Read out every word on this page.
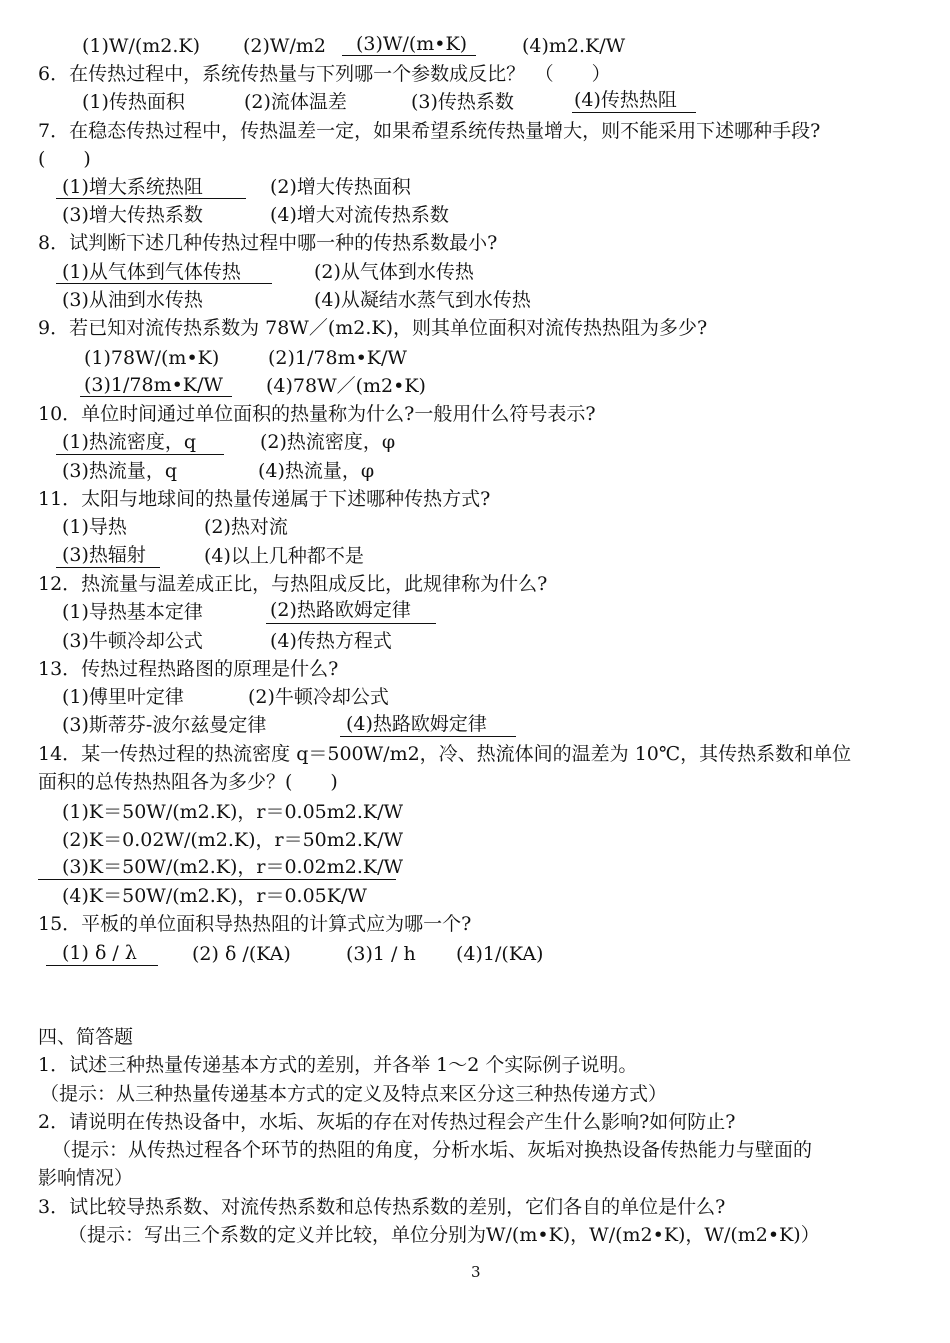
(1)W/(m2.K) (2)W/m2 (3)W/(m•K)	(4)m2.K/W
6．在传热过程中，系统传热量与下列哪一个参数成反比？　（　　）
(1)传热面积	(2)流体温差	(3)传热系数	(4)传热热阻
7．在稳态传热过程中，传热温差一定，如果希望系统传热量增大，则不能采用下述哪种手段?
(　　)
(1)增大系统热阻	(2)增大传热面积
(3)增大传热系数	(4)增大对流传热系数
8．试判断下述几种传热过程中哪一种的传热系数最小?
(1)从气体到气体传热	(2)从气体到水传热
(3)从油到水传热	(4)从凝结水蒸气到水传热
9．若已知对流传热系数为 78W／(m2.K)，则其单位面积对流传热热阻为多少?
(1)78W/(m•K)	(2)1/78m•K/W
(3)1/78m•K/W (4)78W／(m2•K)
10．单位时间通过单位面积的热量称为什么?一般用什么符号表示?
(1)热流密度，q	(2)热流密度，φ
(3)热流量，q	(4)热流量，φ
11．太阳与地球间的热量传递属于下述哪种传热方式?
(1)导热	(2)热对流
(3)热辐射	(4)以上几种都不是
12．热流量与温差成正比，与热阻成反比，此规律称为什么?
(1)导热基本定律	(2)热路欧姆定律
(3)牛顿冷却公式	(4)传热方程式
13．传热过程热路图的原理是什么?
(1)傅里叶定律	(2)牛顿冷却公式
(3)斯蒂芬-波尔兹曼定律	(4)热路欧姆定律
14．某一传热过程的热流密度 q＝500W/m2，冷、热流体间的温差为 10℃，其传热系数和单位
面积的总传热热阻各为多少？(　　)
(1)K＝50W/(m2.K)，r＝0.05m2.K/W
(2)K＝0.02W/(m2.K)，r＝50m2.K/W
(3)K＝50W/(m2.K)，r＝0.02m2.K/W
(4)K＝50W/(m2.K)，r＝0.05K/W
15．平板的单位面积导热热阻的计算式应为哪一个?
(1) δ / λ	(2) δ /(KA)	(3)1 / h (4)1/(KA)
四、简答题
1．试述三种热量传递基本方式的差别，并各举 1～2 个实际例子说明。
（提示：从三种热量传递基本方式的定义及特点来区分这三种热传递方式）
2．请说明在传热设备中，水垢、灰垢的存在对传热过程会产生什么影响?如何防止?
（提示：从传热过程各个环节的热阻的角度，分析水垢、灰垢对换热设备传热能力与壁面的
影响情况）
3．试比较导热系数、对流传热系数和总传热系数的差别，它们各自的单位是什么?
（提示：写出三个系数的定义并比较，单位分别为W/(m•K)，W/(m2•K)，W/(m2•K)）
3
